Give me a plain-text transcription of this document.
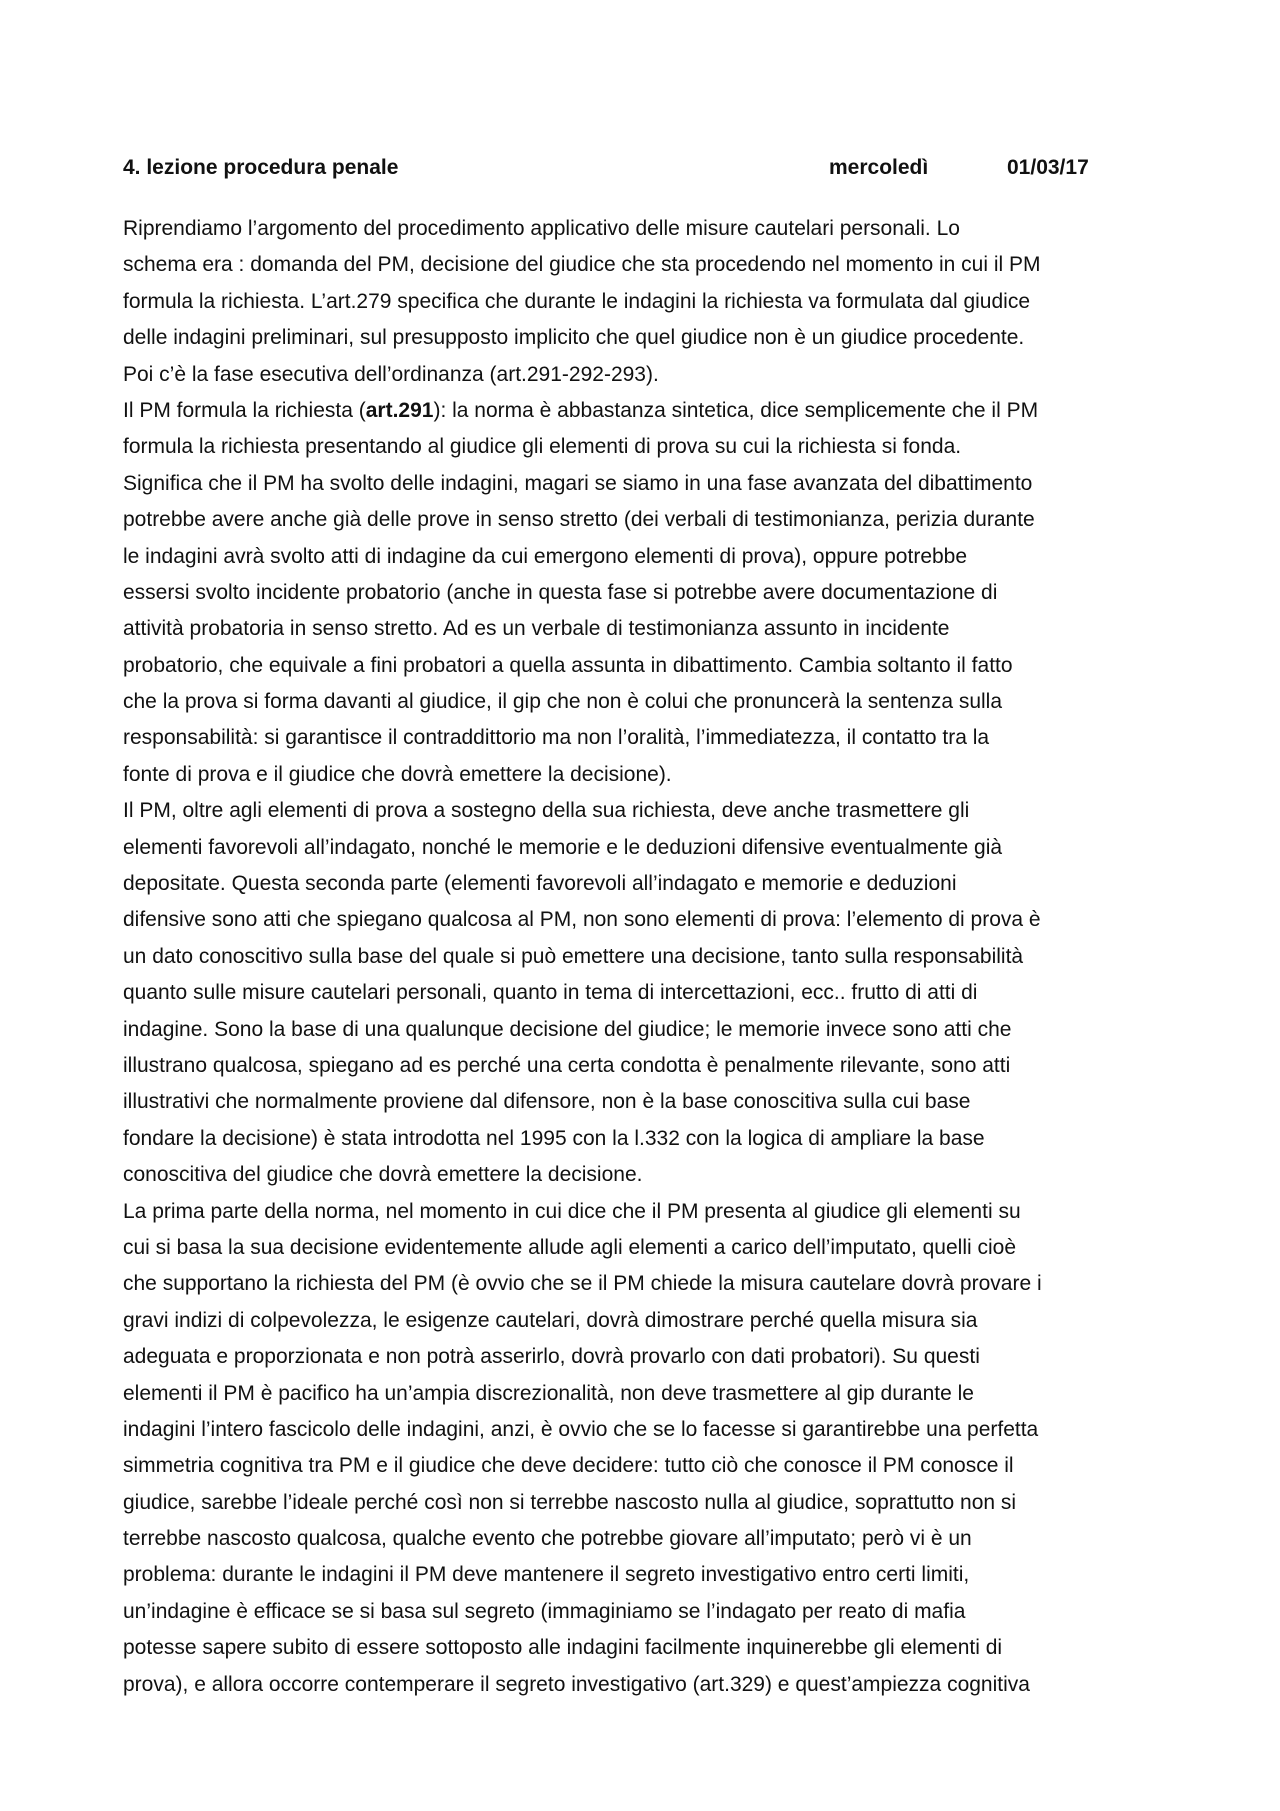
4. lezione procedura penale	mercoledì	01/03/17
Riprendiamo l’argomento del procedimento applicativo delle misure cautelari personali. Lo
schema era : domanda del PM, decisione del giudice che sta procedendo nel momento in cui il PM
formula la richiesta. L’art.279 specifica che durante le indagini la richiesta va formulata dal giudice
delle indagini preliminari, sul presupposto implicito che quel giudice non è un giudice procedente.
Poi c’è la fase esecutiva dell’ordinanza (art.291-292-293).
Il PM formula la richiesta (art.291): la norma è abbastanza sintetica, dice semplicemente che il PM
formula la richiesta presentando al giudice gli elementi di prova su cui la richiesta si fonda.
Significa che il PM ha svolto delle indagini, magari se siamo in una fase avanzata del dibattimento
potrebbe avere anche già delle prove in senso stretto (dei verbali di testimonianza, perizia durante
le indagini avrà svolto atti di indagine da cui emergono elementi di prova), oppure potrebbe
essersi svolto incidente probatorio (anche in questa fase si potrebbe avere documentazione di
attività probatoria in senso stretto. Ad es un verbale di testimonianza assunto in incidente
probatorio, che equivale a fini probatori a quella assunta in dibattimento. Cambia soltanto il fatto
che la prova si forma davanti al giudice, il gip che non è colui che pronuncerà la sentenza sulla
responsabilità: si garantisce il contraddittorio ma non l’oralità, l’immediatezza, il contatto tra la
fonte di prova e il giudice che dovrà emettere la decisione).
Il PM, oltre agli elementi di prova a sostegno della sua richiesta, deve anche trasmettere gli
elementi favorevoli all’indagato, nonché le memorie e le deduzioni difensive eventualmente già
depositate. Questa seconda parte (elementi favorevoli all’indagato e memorie e deduzioni
difensive sono atti che spiegano qualcosa al PM, non sono elementi di prova: l’elemento di prova è
un dato conoscitivo sulla base del quale si può emettere una decisione, tanto sulla responsabilità
quanto sulle misure cautelari personali, quanto in tema di intercettazioni, ecc.. frutto di atti di
indagine. Sono la base di una qualunque decisione del giudice; le memorie invece sono atti che
illustrano qualcosa, spiegano ad es perché una certa condotta è penalmente rilevante, sono atti
illustrativi che normalmente proviene dal difensore, non è la base conoscitiva sulla cui base
fondare la decisione) è stata introdotta nel 1995 con la l.332 con la logica di ampliare la base
conoscitiva del giudice che dovrà emettere la decisione.
La prima parte della norma, nel momento in cui dice che il PM presenta al giudice gli elementi su
cui si basa la sua decisione evidentemente allude agli elementi a carico dell’imputato, quelli cioè
che supportano la richiesta del PM (è ovvio che se il PM chiede la misura cautelare dovrà provare i
gravi indizi di colpevolezza, le esigenze cautelari, dovrà dimostrare perché quella misura sia
adeguata e proporzionata e non potrà asserirlo, dovrà provarlo con dati probatori). Su questi
elementi il PM è pacifico ha un’ampia discrezionalità, non deve trasmettere al gip durante le
indagini l’intero fascicolo delle indagini, anzi, è ovvio che se lo facesse si garantirebbe una perfetta
simmetria cognitiva tra PM e il giudice che deve decidere: tutto ciò che conosce il PM conosce il
giudice, sarebbe l’ideale perché così non si terrebbe nascosto nulla al giudice, soprattutto non si
terrebbe nascosto qualcosa, qualche evento che potrebbe giovare all’imputato; però vi è un
problema: durante le indagini il PM deve mantenere il segreto investigativo entro certi limiti,
un’indagine è efficace se si basa sul segreto (immaginiamo se l’indagato per reato di mafia
potesse sapere subito di essere sottoposto alle indagini facilmente inquinerebbe gli elementi di
prova), e allora occorre contemperare il segreto investigativo (art.329) e quest’ampiezza cognitiva
